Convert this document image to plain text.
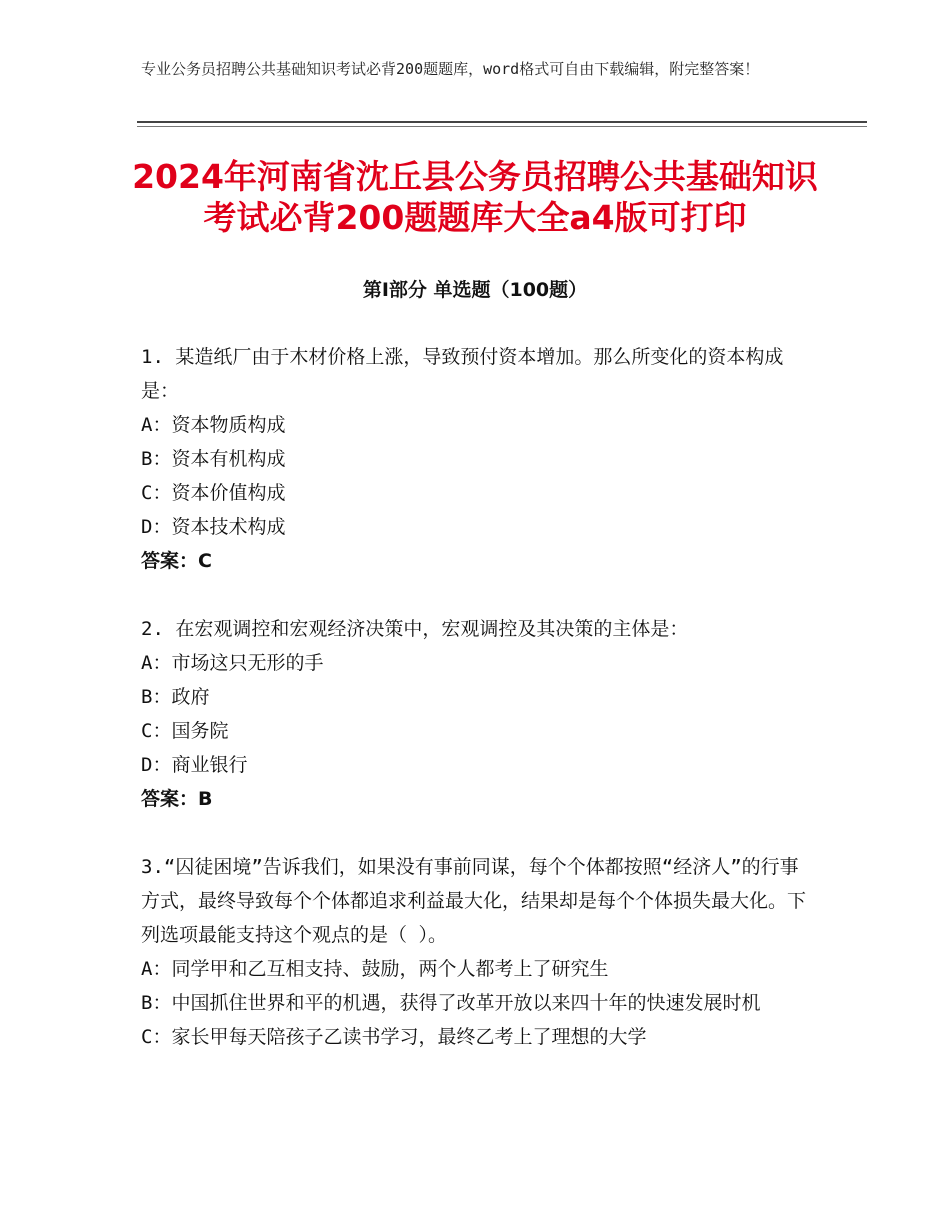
专业公务员招聘公共基础知识考试必背200题题库，word格式可自由下载编辑，附完整答案！
2024年河南省沈丘县公务员招聘公共基础知识考试必背200题题库大全a4版可打印
第Ⅰ部分 单选题（100题）
1. 某造纸厂由于木材价格上涨，导致预付资本增加。那么所变化的资本构成是：
A：资本物质构成
B：资本有机构成
C：资本价值构成
D：资本技术构成
答案：C
2. 在宏观调控和宏观经济决策中，宏观调控及其决策的主体是：
A：市场这只无形的手
B：政府
C：国务院
D：商业银行
答案：B
3.“囚徒困境”告诉我们，如果没有事前同谋，每个个体都按照“经济人”的行事方式，最终导致每个个体都追求利益最大化，结果却是每个个体损失最大化。下列选项最能支持这个观点的是（ ）。
A：同学甲和乙互相支持、鼓励，两个人都考上了研究生
B：中国抓住世界和平的机遇，获得了改革开放以来四十年的快速发展时机
C：家长甲每天陪孩子乙读书学习，最终乙考上了理想的大学
